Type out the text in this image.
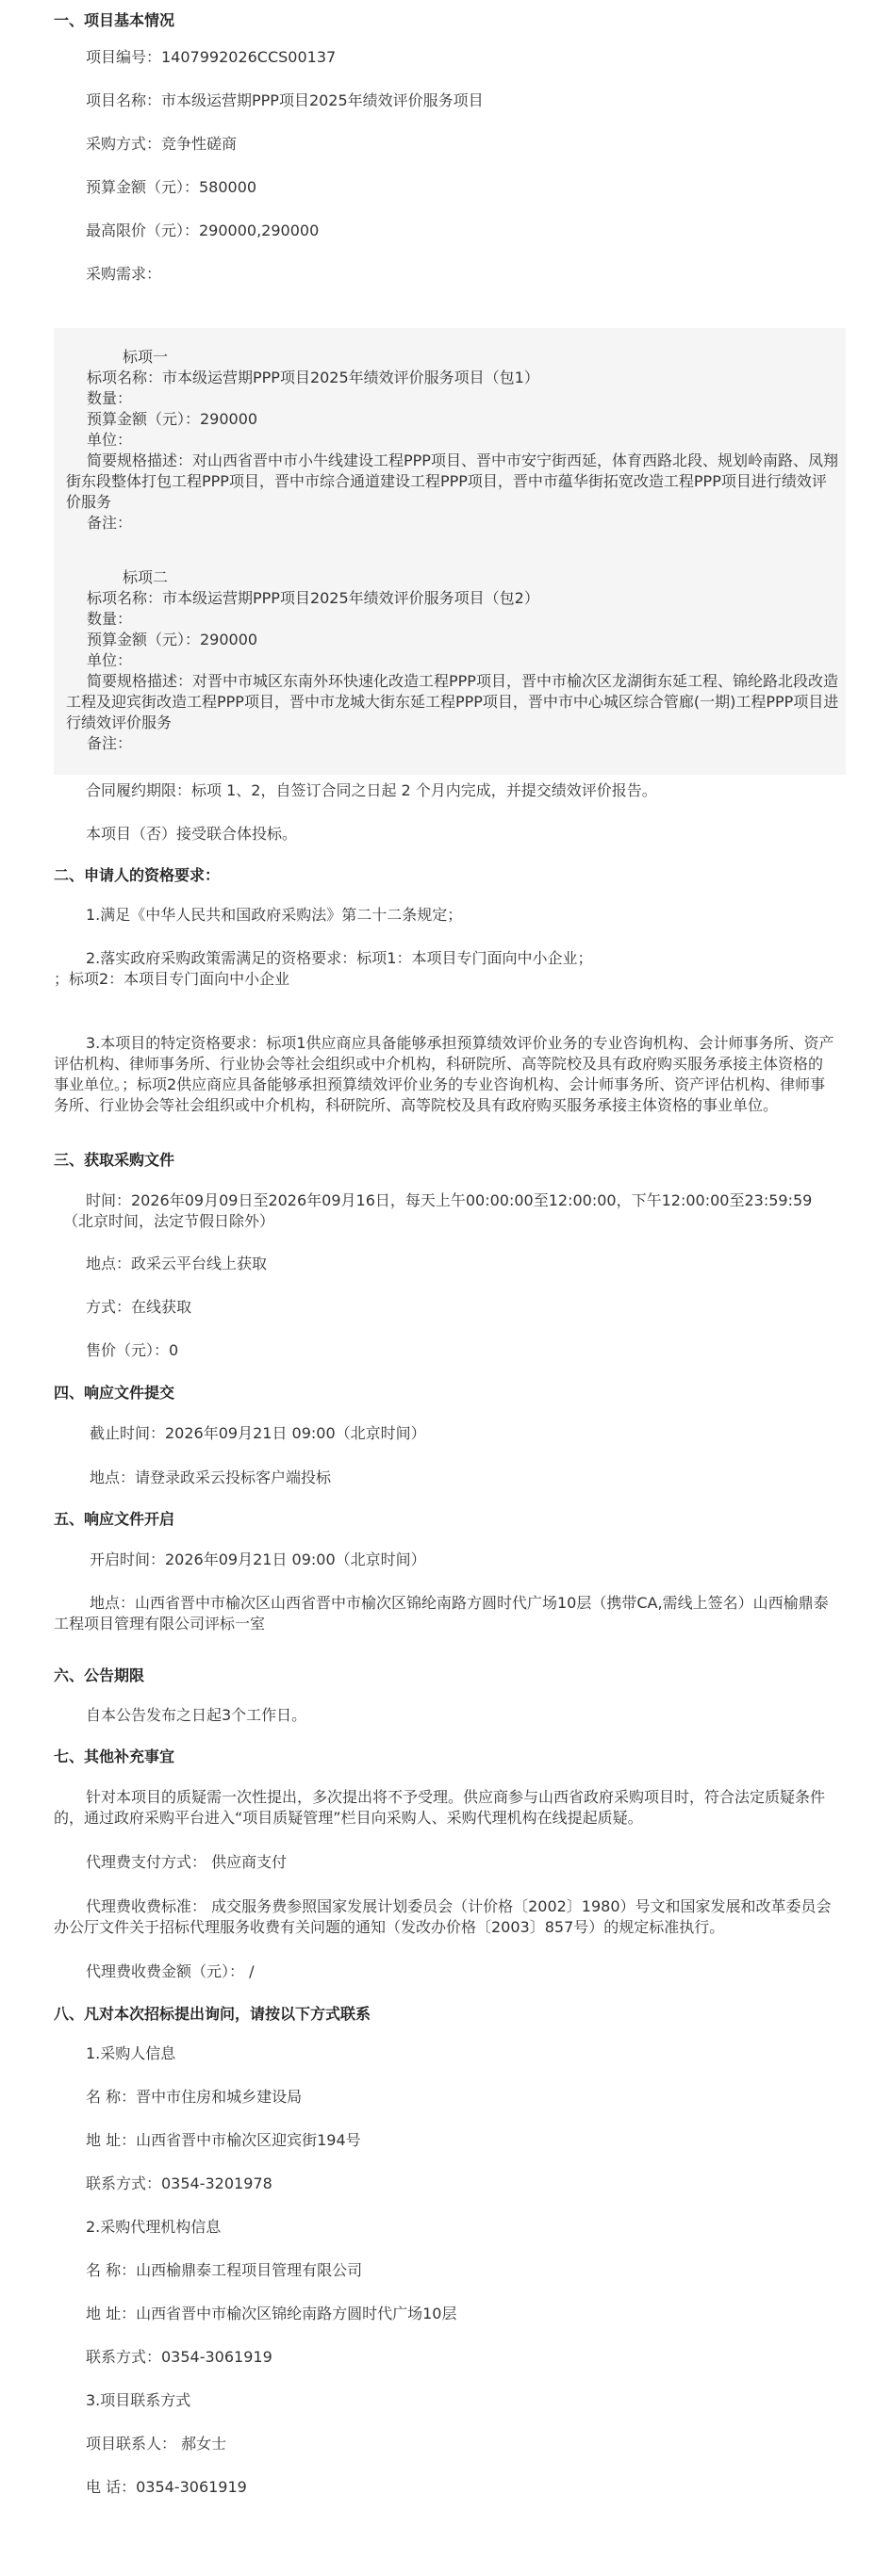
一、项目基本情况
项目编号：1407992026CCS00137
项目名称：市本级运营期PPP项目2025年绩效评价服务项目
采购方式：竞争性磋商
预算金额（元）：580000
最高限价（元）：290000,290000
采购需求：
标项一
标项名称：市本级运营期PPP项目2025年绩效评价服务项目（包1）
数量：
预算金额（元）：290000
单位：
简要规格描述：对山西省晋中市小牛线建设工程PPP项目、晋中市安宁街西延，体育西路北段、规划岭南路、凤翔街东段整体打包工程PPP项目，晋中市综合通道建设工程PPP项目，晋中市蕴华街拓宽改造工程PPP项目进行绩效评价服务
备注：
标项二
标项名称：市本级运营期PPP项目2025年绩效评价服务项目（包2）
数量：
预算金额（元）：290000
单位：
简要规格描述：对晋中市城区东南外环快速化改造工程PPP项目，晋中市榆次区龙湖街东延工程、锦纶路北段改造工程及迎宾街改造工程PPP项目，晋中市龙城大街东延工程PPP项目，晋中市中心城区综合管廊(一期)工程PPP项目进行绩效评价服务
备注：
合同履约期限：标项 1、2，自签订合同之日起 2 个月内完成，并提交绩效评价报告。
本项目（否）接受联合体投标。
二、申请人的资格要求：
1.满足《中华人民共和国政府采购法》第二十二条规定；
2.落实政府采购政策需满足的资格要求：标项1：本项目专门面向中小企业；
；标项2：本项目专门面向中小企业
3.本项目的特定资格要求：标项1供应商应具备能够承担预算绩效评价业务的专业咨询机构、会计师事务所、资产评估机构、律师事务所、行业协会等社会组织或中介机构，科研院所、高等院校及具有政府购买服务承接主体资格的事业单位。；标项2供应商应具备能够承担预算绩效评价业务的专业咨询机构、会计师事务所、资产评估机构、律师事务所、行业协会等社会组织或中介机构，科研院所、高等院校及具有政府购买服务承接主体资格的事业单位。
三、获取采购文件
时间：2026年09月09日至2026年09月16日，每天上午00:00:00至12:00:00，下午12:00:00至23:59:59（北京时间，法定节假日除外）
地点：政采云平台线上获取
方式：在线获取
售价（元）：0
四、响应文件提交
截止时间：2026年09月21日 09:00（北京时间）
地点：请登录政采云投标客户端投标
五、响应文件开启
开启时间：2026年09月21日 09:00（北京时间）
地点：山西省晋中市榆次区山西省晋中市榆次区锦纶南路方圆时代广场10层（携带CA,需线上签名）山西榆鼎泰工程项目管理有限公司评标一室
六、公告期限
自本公告发布之日起3个工作日。
七、其他补充事宜
针对本项目的质疑需一次性提出，多次提出将不予受理。供应商参与山西省政府采购项目时，符合法定质疑条件的，通过政府采购平台进入“项目质疑管理”栏目向采购人、采购代理机构在线提起质疑。
代理费支付方式： 供应商支付
代理费收费标准： 成交服务费参照国家发展计划委员会（计价格〔2002〕1980）号文和国家发展和改革委员会办公厅文件关于招标代理服务收费有关问题的通知（发改办价格〔2003〕857号）的规定标准执行。
代理费收费金额（元）： /
八、凡对本次招标提出询问，请按以下方式联系
1.采购人信息
名 称：晋中市住房和城乡建设局
地 址：山西省晋中市榆次区迎宾街194号
联系方式：0354-3201978
2.采购代理机构信息
名 称：山西榆鼎泰工程项目管理有限公司
地 址：山西省晋中市榆次区锦纶南路方圆时代广场10层
联系方式：0354-3061919
3.项目联系方式
项目联系人： 郝女士
电 话：0354-3061919
